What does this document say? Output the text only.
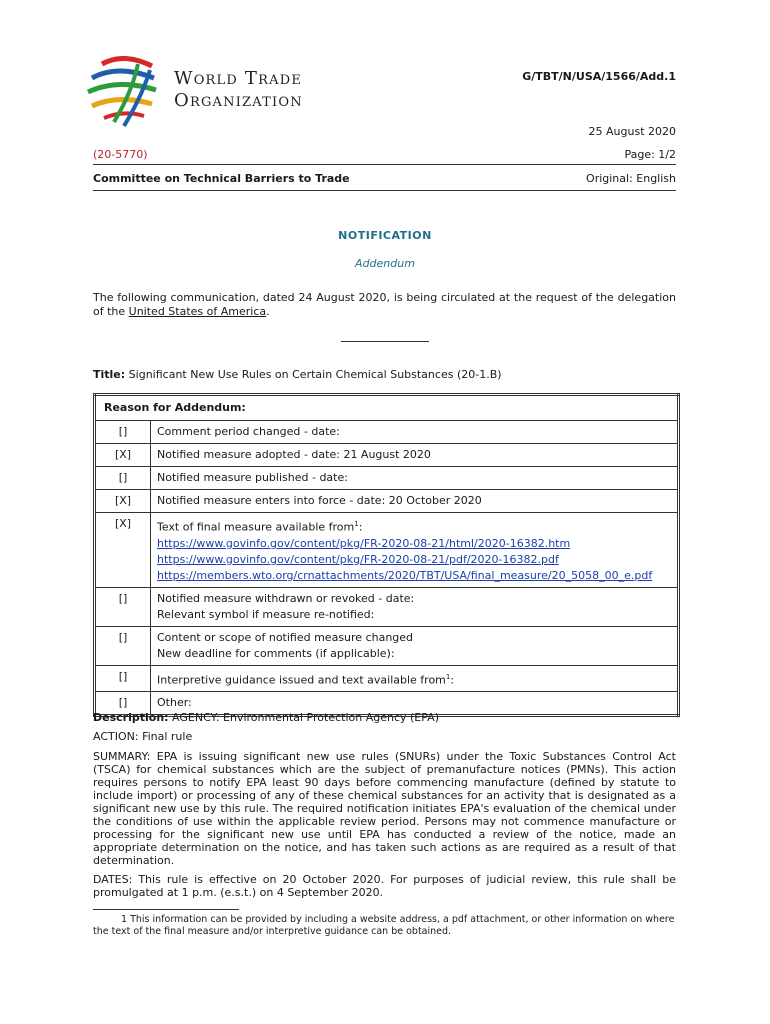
World Trade
Organization
G/TBT/N/USA/1566/Add.1
25 August 2020
(20-5770)	Page: 1/2
Committee on Technical Barriers to Trade	Original: English
NOTIFICATION
Addendum
The following communication, dated 24 August 2020, is being circulated at the request of the delegation of the United States of America.
Title: Significant New Use Rules on Certain Chemical Substances (20-1.B)
Reason for Addendum:	
[]	Comment period changed - date:
[X]	Notified measure adopted - date: 21 August 2020
[]	Notified measure published - date:
[X]	Notified measure enters into force - date: 20 October 2020
[X]	Text of final measure available from$^1$:
https://www.govinfo.gov/content/pkg/FR-2020-08-21/html/2020-16382.htm
https://www.govinfo.gov/content/pkg/FR-2020-08-21/pdf/2020-16382.pdf
https://members.wto.org/crnattachments/2020/TBT/USA/final_measure/20_5058_00_e.pdf
[]	Notified measure withdrawn or revoked - date:
Relevant symbol if measure re-notified:

[]	Content or scope of notified measure changed
New deadline for comments (if applicable):

[]	Interpretive guidance issued and text available from$^1$:
[]	Other:
Description: AGENCY: Environmental Protection Agency (EPA)
ACTION: Final rule
SUMMARY: EPA is issuing significant new use rules (SNURs) under the Toxic Substances Control Act (TSCA) for chemical substances which are the subject of premanufacture notices (PMNs). This action requires persons to notify EPA least 90 days before commencing manufacture (defined by statute to include import) or processing of any of these chemical substances for an activity that is designated as a significant new use by this rule. The required notification initiates EPA's evaluation of the chemical under the conditions of use within the applicable review period. Persons may not commence manufacture or processing for the significant new use until EPA has conducted a review of the notice, made an appropriate determination on the notice, and has taken such actions as are required as a result of that determination.
DATES: This rule is effective on 20 October 2020. For purposes of judicial review, this rule shall be promulgated at 1 p.m. (e.s.t.) on 4 September 2020.
1 This information can be provided by including a website address, a pdf attachment, or other information on where the text of the final measure and/or interpretive guidance can be obtained.
